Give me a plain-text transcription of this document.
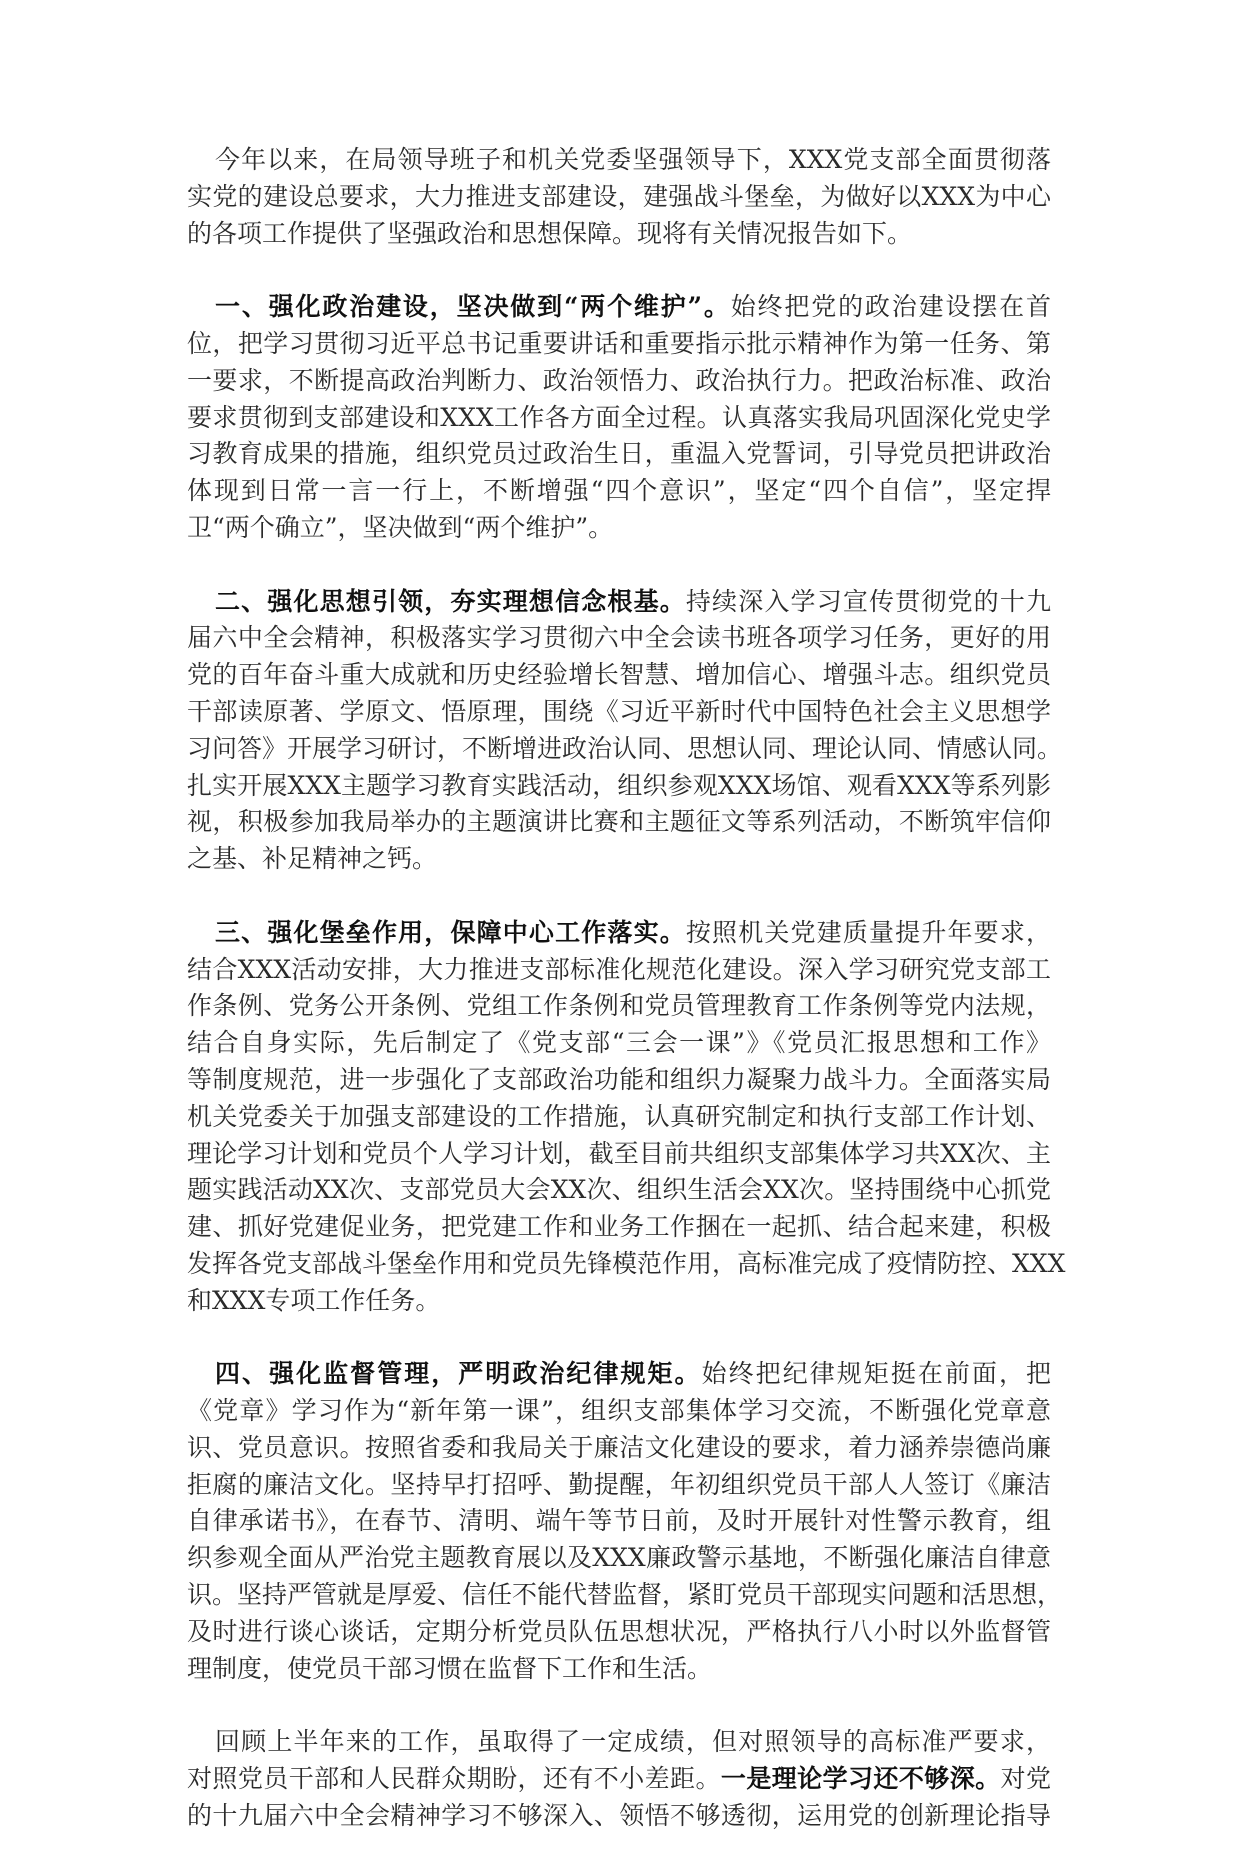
今年以来，在局领导班子和机关党委坚强领导下，XXX党支部全面贯彻落
实党的建设总要求，大力推进支部建设，建强战斗堡垒，为做好以XXX为中心
的各项工作提供了坚强政治和思想保障。现将有关情况报告如下。
一、强化政治建设，坚决做到“两个维护”。始终把党的政治建设摆在首
位，把学习贯彻习近平总书记重要讲话和重要指示批示精神作为第一任务、第
一要求，不断提高政治判断力、政治领悟力、政治执行力。把政治标准、政治
要求贯彻到支部建设和XXX工作各方面全过程。认真落实我局巩固深化党史学
习教育成果的措施，组织党员过政治生日，重温入党誓词，引导党员把讲政治
体现到日常一言一行上，不断增强“四个意识”，坚定“四个自信”，坚定捍
卫“两个确立”，坚决做到“两个维护”。
二、强化思想引领，夯实理想信念根基。持续深入学习宣传贯彻党的十九
届六中全会精神，积极落实学习贯彻六中全会读书班各项学习任务，更好的用
党的百年奋斗重大成就和历史经验增长智慧、增加信心、增强斗志。组织党员
干部读原著、学原文、悟原理，围绕《习近平新时代中国特色社会主义思想学
习问答》开展学习研讨，不断增进政治认同、思想认同、理论认同、情感认同。
扎实开展XXX主题学习教育实践活动，组织参观XXX场馆、观看XXX等系列影
视，积极参加我局举办的主题演讲比赛和主题征文等系列活动，不断筑牢信仰
之基、补足精神之钙。
三、强化堡垒作用，保障中心工作落实。按照机关党建质量提升年要求，
结合XXX活动安排，大力推进支部标准化规范化建设。深入学习研究党支部工
作条例、党务公开条例、党组工作条例和党员管理教育工作条例等党内法规，
结合自身实际，先后制定了《党支部“三会一课”》《党员汇报思想和工作》
等制度规范，进一步强化了支部政治功能和组织力凝聚力战斗力。全面落实局
机关党委关于加强支部建设的工作措施，认真研究制定和执行支部工作计划、
理论学习计划和党员个人学习计划，截至目前共组织支部集体学习共XX次、主
题实践活动XX次、支部党员大会XX次、组织生活会XX次。坚持围绕中心抓党
建、抓好党建促业务，把党建工作和业务工作捆在一起抓、结合起来建，积极
发挥各党支部战斗堡垒作用和党员先锋模范作用，高标准完成了疫情防控、XXX
和XXX专项工作任务。
四、强化监督管理，严明政治纪律规矩。始终把纪律规矩挺在前面，把
《党章》学习作为“新年第一课”，组织支部集体学习交流，不断强化党章意
识、党员意识。按照省委和我局关于廉洁文化建设的要求，着力涵养崇德尚廉
拒腐的廉洁文化。坚持早打招呼、勤提醒，年初组织党员干部人人签订《廉洁
自律承诺书》，在春节、清明、端午等节日前，及时开展针对性警示教育，组
织参观全面从严治党主题教育展以及XXX廉政警示基地，不断强化廉洁自律意
识。坚持严管就是厚爱、信任不能代替监督，紧盯党员干部现实问题和活思想，
及时进行谈心谈话，定期分析党员队伍思想状况，严格执行八小时以外监督管
理制度，使党员干部习惯在监督下工作和生活。
回顾上半年来的工作，虽取得了一定成绩，但对照领导的高标准严要求，
对照党员干部和人民群众期盼，还有不小差距。一是理论学习还不够深。对党
的十九届六中全会精神学习不够深入、领悟不够透彻，运用党的创新理论指导
